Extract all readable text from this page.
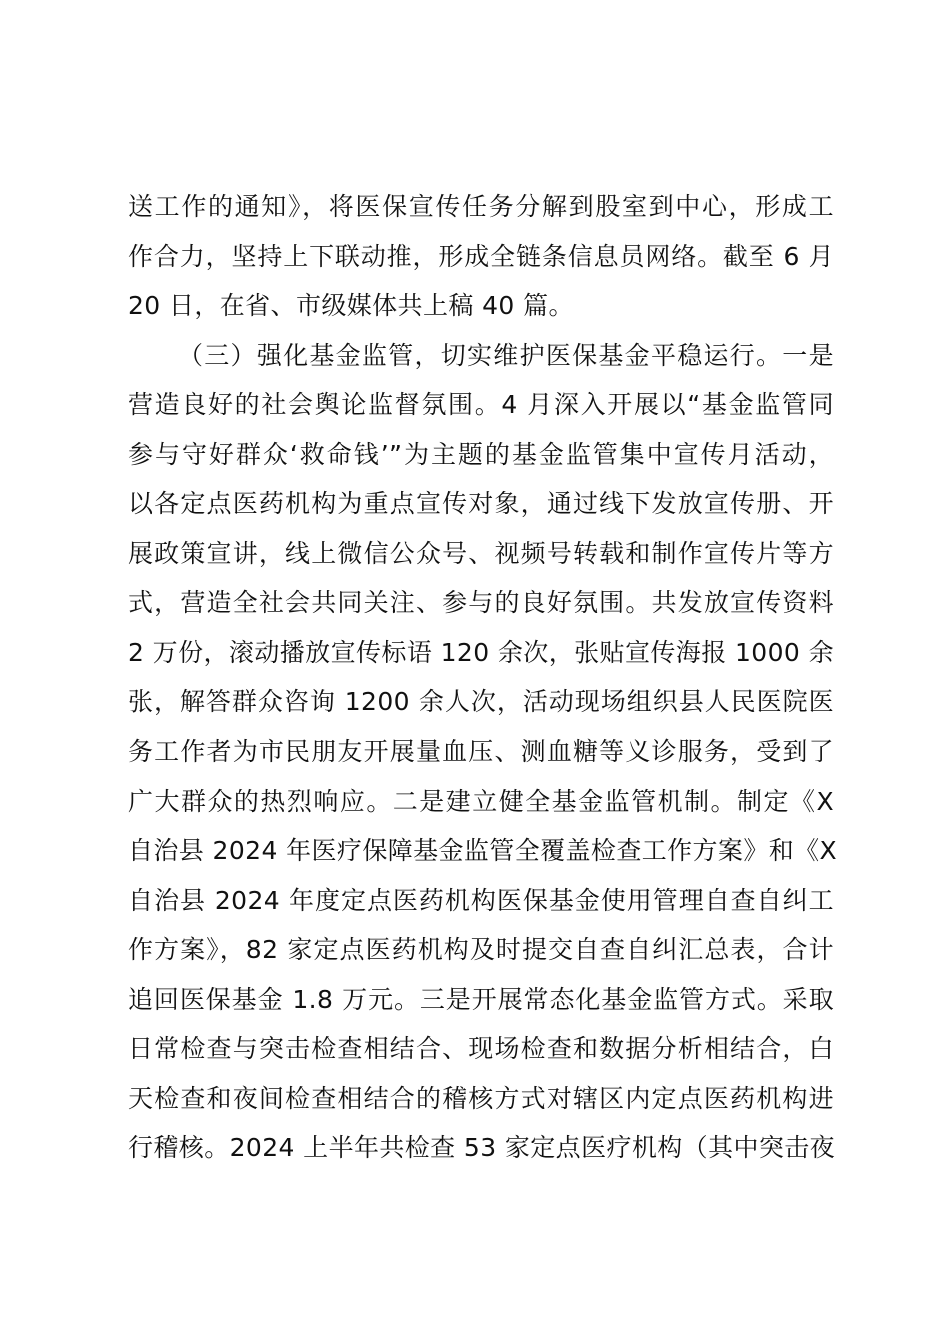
送工作的通知》，将医保宣传任务分解到股室到中心，形成工
作合力，坚持上下联动推，形成全链条信息员网络。截至 6 月
20 日，在省、市级媒体共上稿 40 篇。
（三）强化基金监管，切实维护医保基金平稳运行。一是
营造良好的社会舆论监督氛围。4 月深入开展以“基金监管同
参与守好群众‘救命钱’”为主题的基金监管集中宣传月活动，
以各定点医药机构为重点宣传对象，通过线下发放宣传册、开
展政策宣讲，线上微信公众号、视频号转载和制作宣传片等方
式，营造全社会共同关注、参与的良好氛围。共发放宣传资料
2 万份，滚动播放宣传标语 120 余次，张贴宣传海报 1000 余
张，解答群众咨询 1200 余人次，活动现场组织县人民医院医
务工作者为市民朋友开展量血压、测血糖等义诊服务，受到了
广大群众的热烈响应。二是建立健全基金监管机制。制定《X
自治县 2024 年医疗保障基金监管全覆盖检查工作方案》和《X
自治县 2024 年度定点医药机构医保基金使用管理自查自纠工
作方案》，82 家定点医药机构及时提交自查自纠汇总表，合计
追回医保基金 1.8 万元。三是开展常态化基金监管方式。采取
日常检查与突击检查相结合、现场检查和数据分析相结合，白
天检查和夜间检查相结合的稽核方式对辖区内定点医药机构进
行稽核。2024 上半年共检查 53 家定点医疗机构（其中突击夜
